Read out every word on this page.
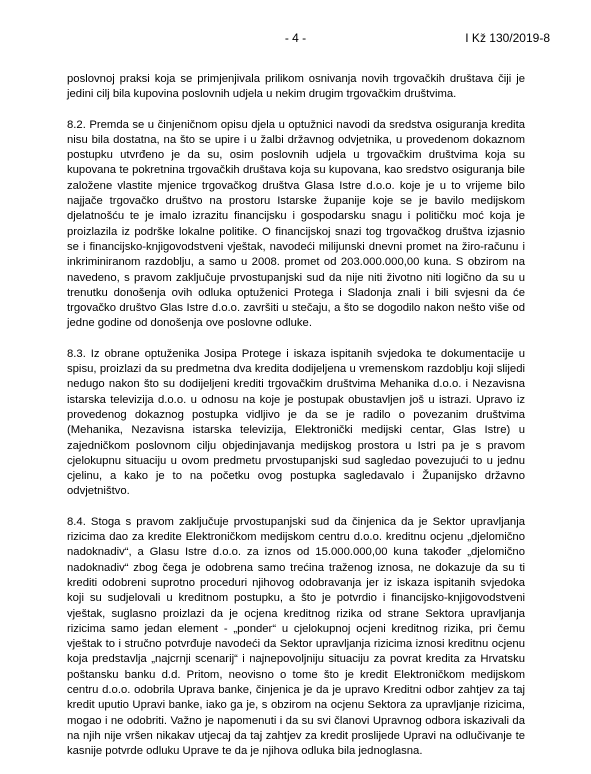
- 4 -	I Kž 130/2019-8

poslovnoj praksi koja se primjenjivala prilikom osnivanja novih trgovačkih društava čiji je jedini cilj bila kupovina poslovnih udjela u nekim drugim trgovačkim društvima.

8.2. Premda se u činjeničnom opisu djela u optužnici navodi da sredstva osiguranja kredita nisu bila dostatna, na što se upire i u žalbi državnog odvjetnika, u provedenom dokaznom postupku utvrđeno je da su, osim poslovnih udjela u trgovačkim društvima koja su kupovana te pokretnina trgovačkih društava koja su kupovana, kao sredstvo osiguranja bile založene vlastite mjenice trgovačkog društva Glasa Istre d.o.o. koje je u to vrijeme bilo najjače trgovačko društvo na prostoru Istarske županije koje se je bavilo medijskom djelatnošću te je imalo izrazitu financijsku i gospodarsku snagu i političku moć koja je proizlazila iz podrške lokalne politike. O financijskoj snazi tog trgovačkog društva izjasnio se i financijsko-knjigovodstveni vještak, navodeći milijunski dnevni promet na žiro-računu i inkriminiranom razdoblju, a samo u 2008. promet od 203.000.000,00 kuna. S obzirom na navedeno, s pravom zaključuje prvostupanjski sud da nije niti životno niti logično da su u trenutku donošenja ovih odluka optuženici Protega i Sladonja znali i bili svjesni da će trgovačko društvo Glas Istre d.o.o. završiti u stečaju, a što se dogodilo nakon nešto više od jedne godine od donošenja ove poslovne odluke.

8.3. Iz obrane optuženika Josipa Protege i iskaza ispitanih svjedoka te dokumentacije u spisu, proizlazi da su predmetna dva kredita dodijeljena u vremenskom razdoblju koji slijedi nedugo nakon što su dodijeljeni krediti trgovačkim društvima Mehanika d.o.o. i Nezavisna istarska televizija d.o.o. u odnosu na koje je postupak obustavljen još u istrazi. Upravo iz provedenog dokaznog postupka vidljivo je da se je radilo o povezanim društvima (Mehanika, Nezavisna istarska televizija, Elektronički medijski centar, Glas Istre) u zajedničkom poslovnom cilju objedinjavanja medijskog prostora u Istri pa je s pravom cjelokupnu situaciju u ovom predmetu prvostupanjski sud sagledao povezujući to u jednu cjelinu, a kako je to na početku ovog postupka sagledavalo i Županijsko državno odvjetništvo.

8.4. Stoga s pravom zaključuje prvostupanjski sud da činjenica da je Sektor upravljanja rizicima dao za kredite Elektroničkom medijskom centru d.o.o. kreditnu ocjenu „djelomično nadoknadiv“, a Glasu Istre d.o.o. za iznos od 15.000.000,00 kuna također „djelomično nadoknadiv“ zbog čega je odobrena samo trećina traženog iznosa, ne dokazuje da su ti krediti odobreni suprotno proceduri njihovog odobravanja jer iz iskaza ispitanih svjedoka koji su sudjelovali u kreditnom postupku, a što je potvrdio i financijsko-knjigovodstveni vještak, suglasno proizlazi da je ocjena kreditnog rizika od strane Sektora upravljanja rizicima samo jedan element - „ponder“ u cjelokupnoj ocjeni kreditnog rizika, pri čemu vještak to i stručno potvrđuje navodeći da Sektor upravljanja rizicima iznosi kreditnu ocjenu koja predstavlja „najcrnji scenarij“ i najnepovoljniju situaciju za povrat kredita za Hrvatsku poštansku banku d.d. Pritom, neovisno o tome što je kredit Elektroničkom medijskom centru d.o.o. odobrila Uprava banke, činjenica je da je upravo Kreditni odbor zahtjev za taj kredit uputio Upravi banke, iako ga je, s obzirom na ocjenu Sektora za upravljanje rizicima, mogao i ne odobriti. Važno je napomenuti i da su svi članovi Upravnog odbora iskazivali da na njih nije vršen nikakav utjecaj da taj zahtjev za kredit proslijede Upravi na odlučivanje te kasnije potvrde odluku Uprave te da je njihova odluka bila jednoglasna.
